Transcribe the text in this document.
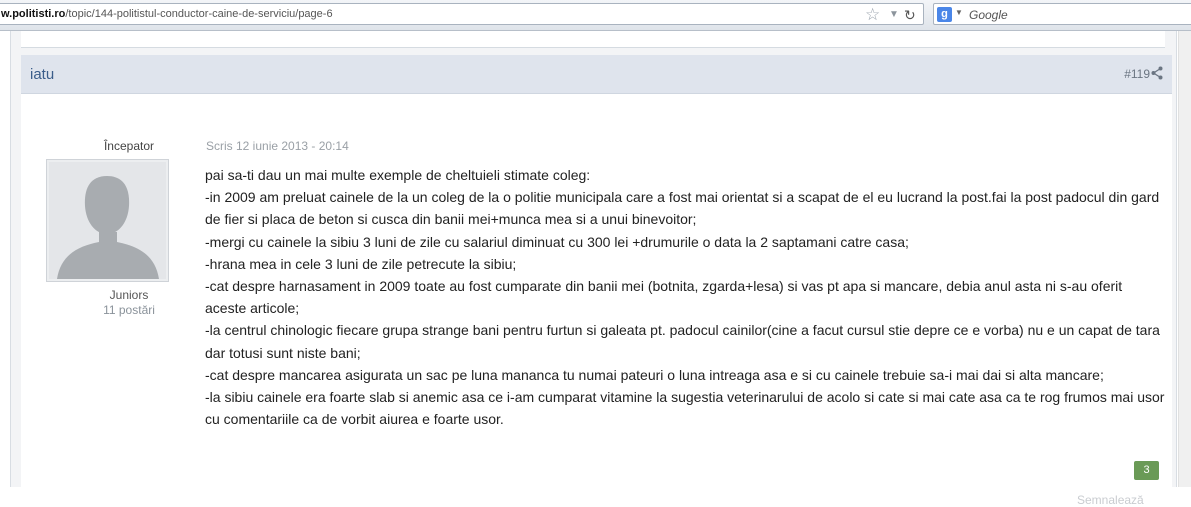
w.politisti.ro/topic/144-politistul-conductor-caine-de-serviciu/page-6	☆ ▼ ↻	g ▼ Google
iatu	#119
Începator
Juniors
11 postări
Scris 12 iunie 2013 - 20:14
pai sa-ti dau un mai multe exemple de cheltuieli stimate coleg:
-in 2009 am preluat cainele de la un coleg de la o politie municipala care a fost mai orientat si a scapat de el eu lucrand la post.fai la post padocul din gard de fier si placa de beton si cusca din banii mei+munca mea si a unui binevoitor;
-mergi cu cainele la sibiu 3 luni de zile cu salariul diminuat cu 300 lei +drumurile o data la 2 saptamani catre casa;
-hrana mea in cele 3 luni de zile petrecute la sibiu;
-cat despre harnasament in 2009 toate au fost cumparate din banii mei (botnita, zgarda+lesa) si vas pt apa si mancare, debia anul asta ni s-au oferit aceste articole;
-la centrul chinologic fiecare grupa strange bani pentru furtun si galeata pt. padocul cainilor(cine a facut cursul stie depre ce e vorba) nu e un capat de tara dar totusi sunt niste bani;
-cat despre mancarea asigurata un sac pe luna mananca tu numai pateuri o luna intreaga asa e si cu cainele trebuie sa-i mai dai si alta mancare;
-la sibiu cainele era foarte slab si anemic asa ce i-am cumparat vitamine la sugestia veterinarului de acolo si cate si mai cate asa ca te rog frumos mai usor cu comentariile ca de vorbit aiurea e foarte usor.
3
Semnalează
